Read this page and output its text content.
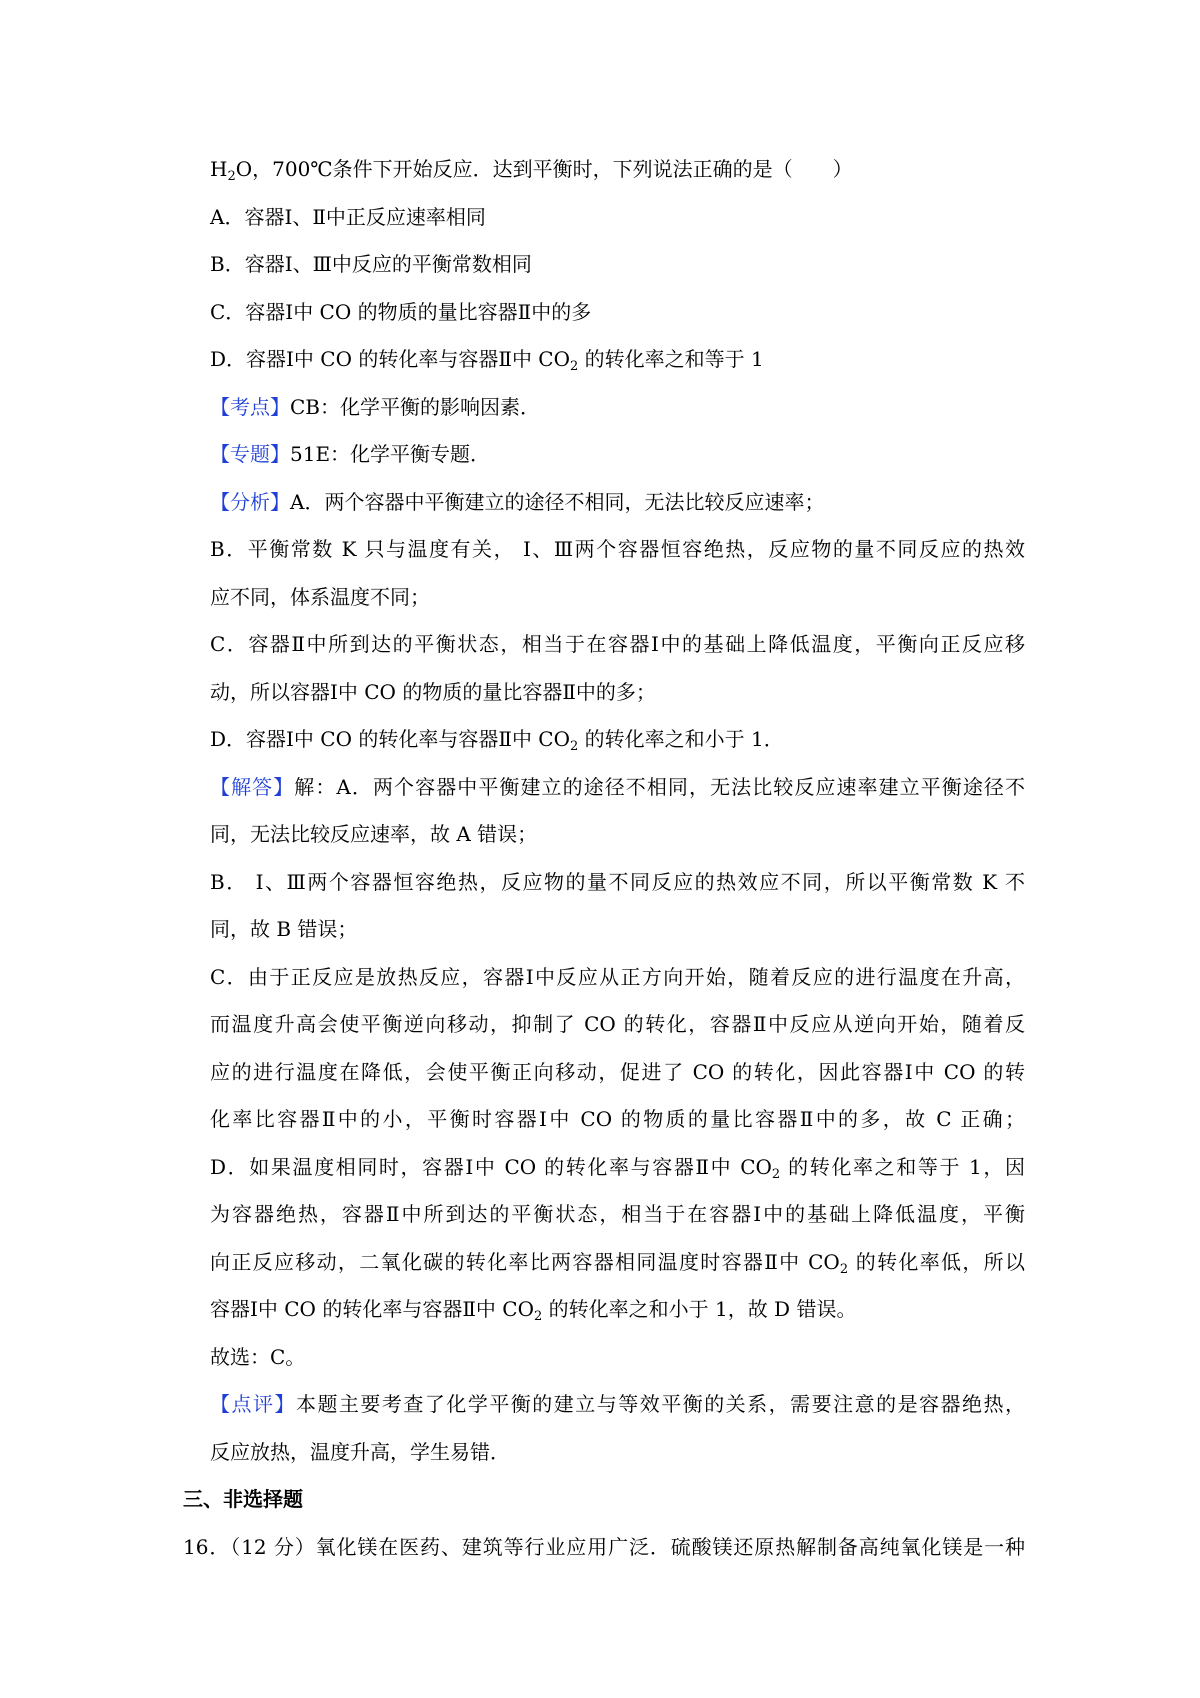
$H_2O$，700℃条件下开始反应．达到平衡时，下列说法正确的是（　　）
A．容器Ⅰ、Ⅱ中正反应速率相同
B．容器Ⅰ、Ⅲ中反应的平衡常数相同
C．容器Ⅰ中 CO 的物质的量比容器Ⅱ中的多
D．容器Ⅰ中 CO 的转化率与容器Ⅱ中 $CO_2$ 的转化率之和等于 1
【考点】CB：化学平衡的影响因素．
【专题】51E：化学平衡专题．
【分析】A．两个容器中平衡建立的途径不相同，无法比较反应速率；
B．平衡常数 K 只与温度有关， Ⅰ、Ⅲ两个容器恒容绝热，反应物的量不同反应的热效
应不同，体系温度不同；
C．容器Ⅱ中所到达的平衡状态，相当于在容器Ⅰ中的基础上降低温度，平衡向正反应移
动，所以容器Ⅰ中 CO 的物质的量比容器Ⅱ中的多；
D．容器Ⅰ中 CO 的转化率与容器Ⅱ中 $CO_2$ 的转化率之和小于 1．
【解答】解：A．两个容器中平衡建立的途径不相同，无法比较反应速率建立平衡途径不
同，无法比较反应速率，故 A 错误；
B． Ⅰ、Ⅲ两个容器恒容绝热，反应物的量不同反应的热效应不同，所以平衡常数 K 不
同，故 B 错误；
C．由于正反应是放热反应，容器Ⅰ中反应从正方向开始，随着反应的进行温度在升高，
而温度升高会使平衡逆向移动，抑制了 CO 的转化，容器Ⅱ中反应从逆向开始，随着反
应的进行温度在降低，会使平衡正向移动，促进了 CO 的转化，因此容器Ⅰ中 CO 的转
化率比容器Ⅱ中的小，平衡时容器Ⅰ中 CO 的物质的量比容器Ⅱ中的多，故 C 正确；
D．如果温度相同时，容器Ⅰ中 CO 的转化率与容器Ⅱ中 $CO_2$ 的转化率之和等于 1，因
为容器绝热，容器Ⅱ中所到达的平衡状态，相当于在容器Ⅰ中的基础上降低温度，平衡
向正反应移动，二氧化碳的转化率比两容器相同温度时容器Ⅱ中 $CO_2$ 的转化率低，所以
容器Ⅰ中 CO 的转化率与容器Ⅱ中 $CO_2$ 的转化率之和小于 1，故 D 错误。
故选：C。
【点评】本题主要考查了化学平衡的建立与等效平衡的关系，需要注意的是容器绝热，
反应放热，温度升高，学生易错．
三、非选择题
16．（12 分）氧化镁在医药、建筑等行业应用广泛．硫酸镁还原热解制备高纯氧化镁是一种
